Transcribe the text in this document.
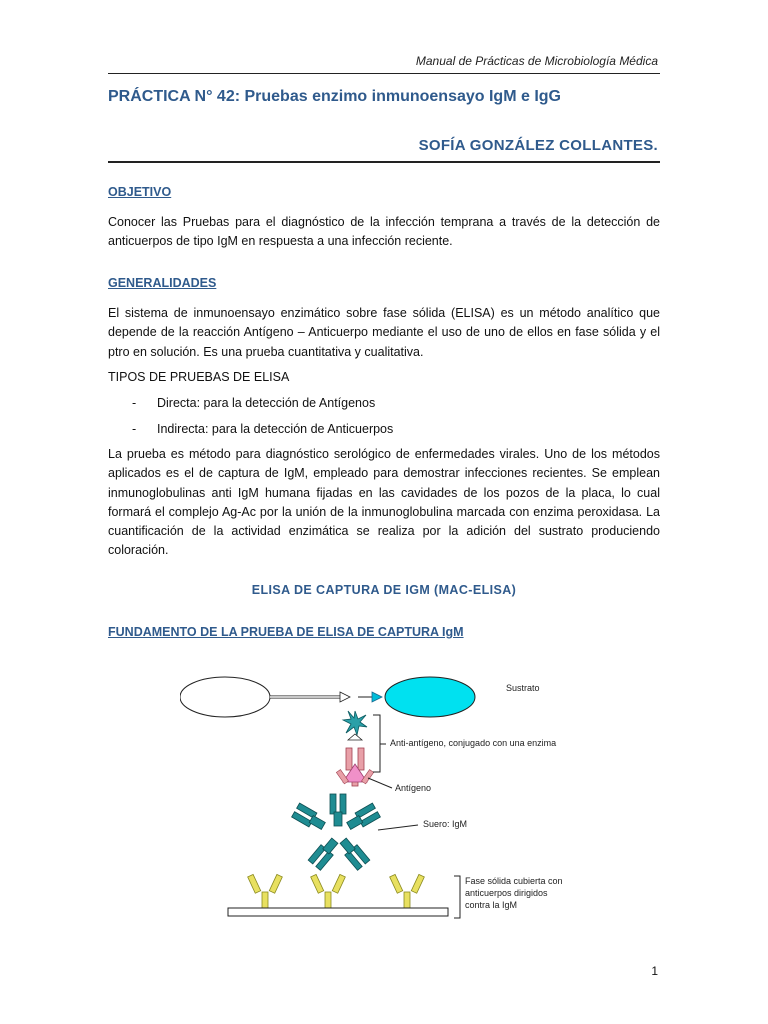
Manual de Prácticas de Microbiología Médica
PRÁCTICA N° 42: Pruebas enzimo inmunoensayo IgM e IgG
SOFÍA GONZÁLEZ COLLANTES.
OBJETIVO
Conocer las Pruebas para el diagnóstico de la infección temprana a través de la detección de anticuerpos de tipo IgM en respuesta a una infección reciente.
GENERALIDADES
El sistema de inmunoensayo enzimático sobre fase sólida (ELISA) es un método analítico que depende de la reacción Antígeno – Anticuerpo mediante el uso de uno de ellos en fase sólida y el ptro en solución. Es una prueba cuantitativa y cualitativa.
TIPOS DE PRUEBAS DE ELISA
- Directa: para la detección de Antígenos
- Indirecta: para la detección de Anticuerpos
La prueba es método para diagnóstico serológico de enfermedades virales. Uno de los métodos aplicados es el de captura de IgM, empleado para demostrar infecciones recientes. Se emplean inmunoglobulinas anti IgM humana fijadas en las cavidades de los pozos de la placa, lo cual formará el complejo Ag-Ac por la unión de la inmunoglobulina marcada con enzima peroxidasa. La cuantificación de la actividad enzimática se realiza por la adición del sustrato produciendo coloración.
ELISA DE CAPTURA DE IGM (MAC-ELISA)
FUNDAMENTO DE LA PRUEBA DE ELISA DE CAPTURA IgM
Sustrato
Anti-antígeno, conjugado con una enzima
Antígeno
Suero: IgM
Fase sólida cubierta con
anticuerpos dirigidos
contra la IgM
1
